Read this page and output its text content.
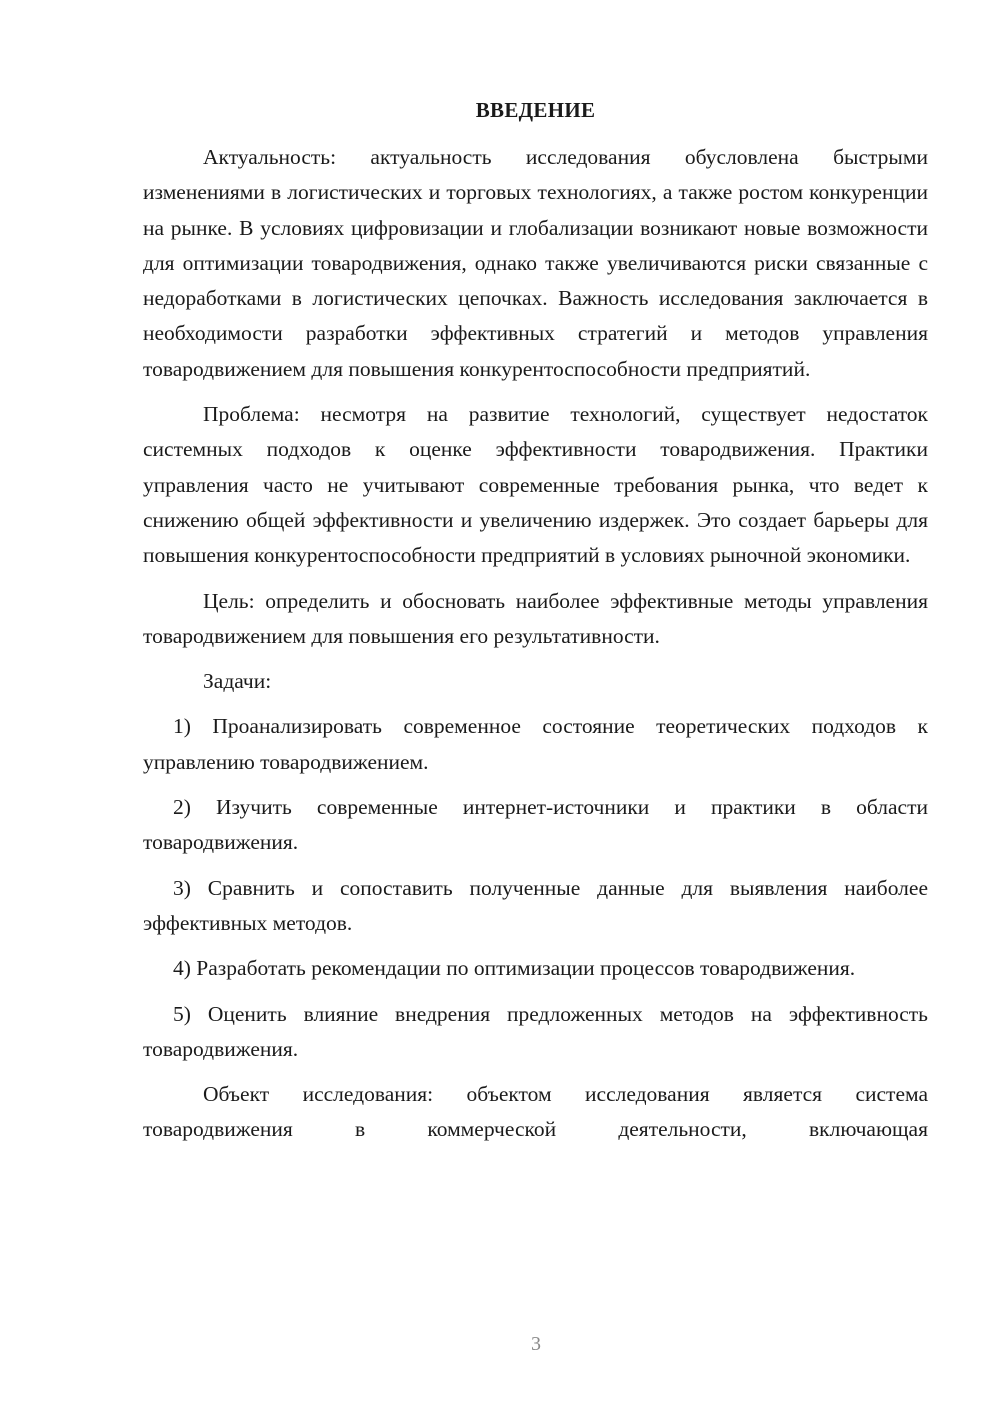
ВВЕДЕНИЕ

Актуальность: актуальность исследования обусловлена быстрыми изменениями в логистических и торговых технологиях, а также ростом конкуренции на рынке. В условиях цифровизации и глобализации возникают новые возможности для оптимизации товародвижения, однако также увеличиваются риски связанные с недоработками в логистических цепочках. Важность исследования заключается в необходимости разработки эффективных стратегий и методов управления товародвижением для повышения конкурентоспособности предприятий.

Проблема: несмотря на развитие технологий, существует недостаток системных подходов к оценке эффективности товародвижения. Практики управления часто не учитывают современные требования рынка, что ведет к снижению общей эффективности и увеличению издержек. Это создает барьеры для повышения конкурентоспособности предприятий в условиях рыночной экономики.

Цель: определить и обосновать наиболее эффективные методы управления товародвижением для повышения его результативности.

Задачи:

1) Проанализировать современное состояние теоретических подходов к управлению товародвижением.

2) Изучить современные интернет-источники и практики в области товародвижения.

3) Сравнить и сопоставить полученные данные для выявления наиболее эффективных методов.

4) Разработать рекомендации по оптимизации процессов товародвижения.

5) Оценить влияние внедрения предложенных методов на эффективность товародвижения.

Объект исследования: объектом исследования является система товародвижения в коммерческой деятельности, включающая

3
